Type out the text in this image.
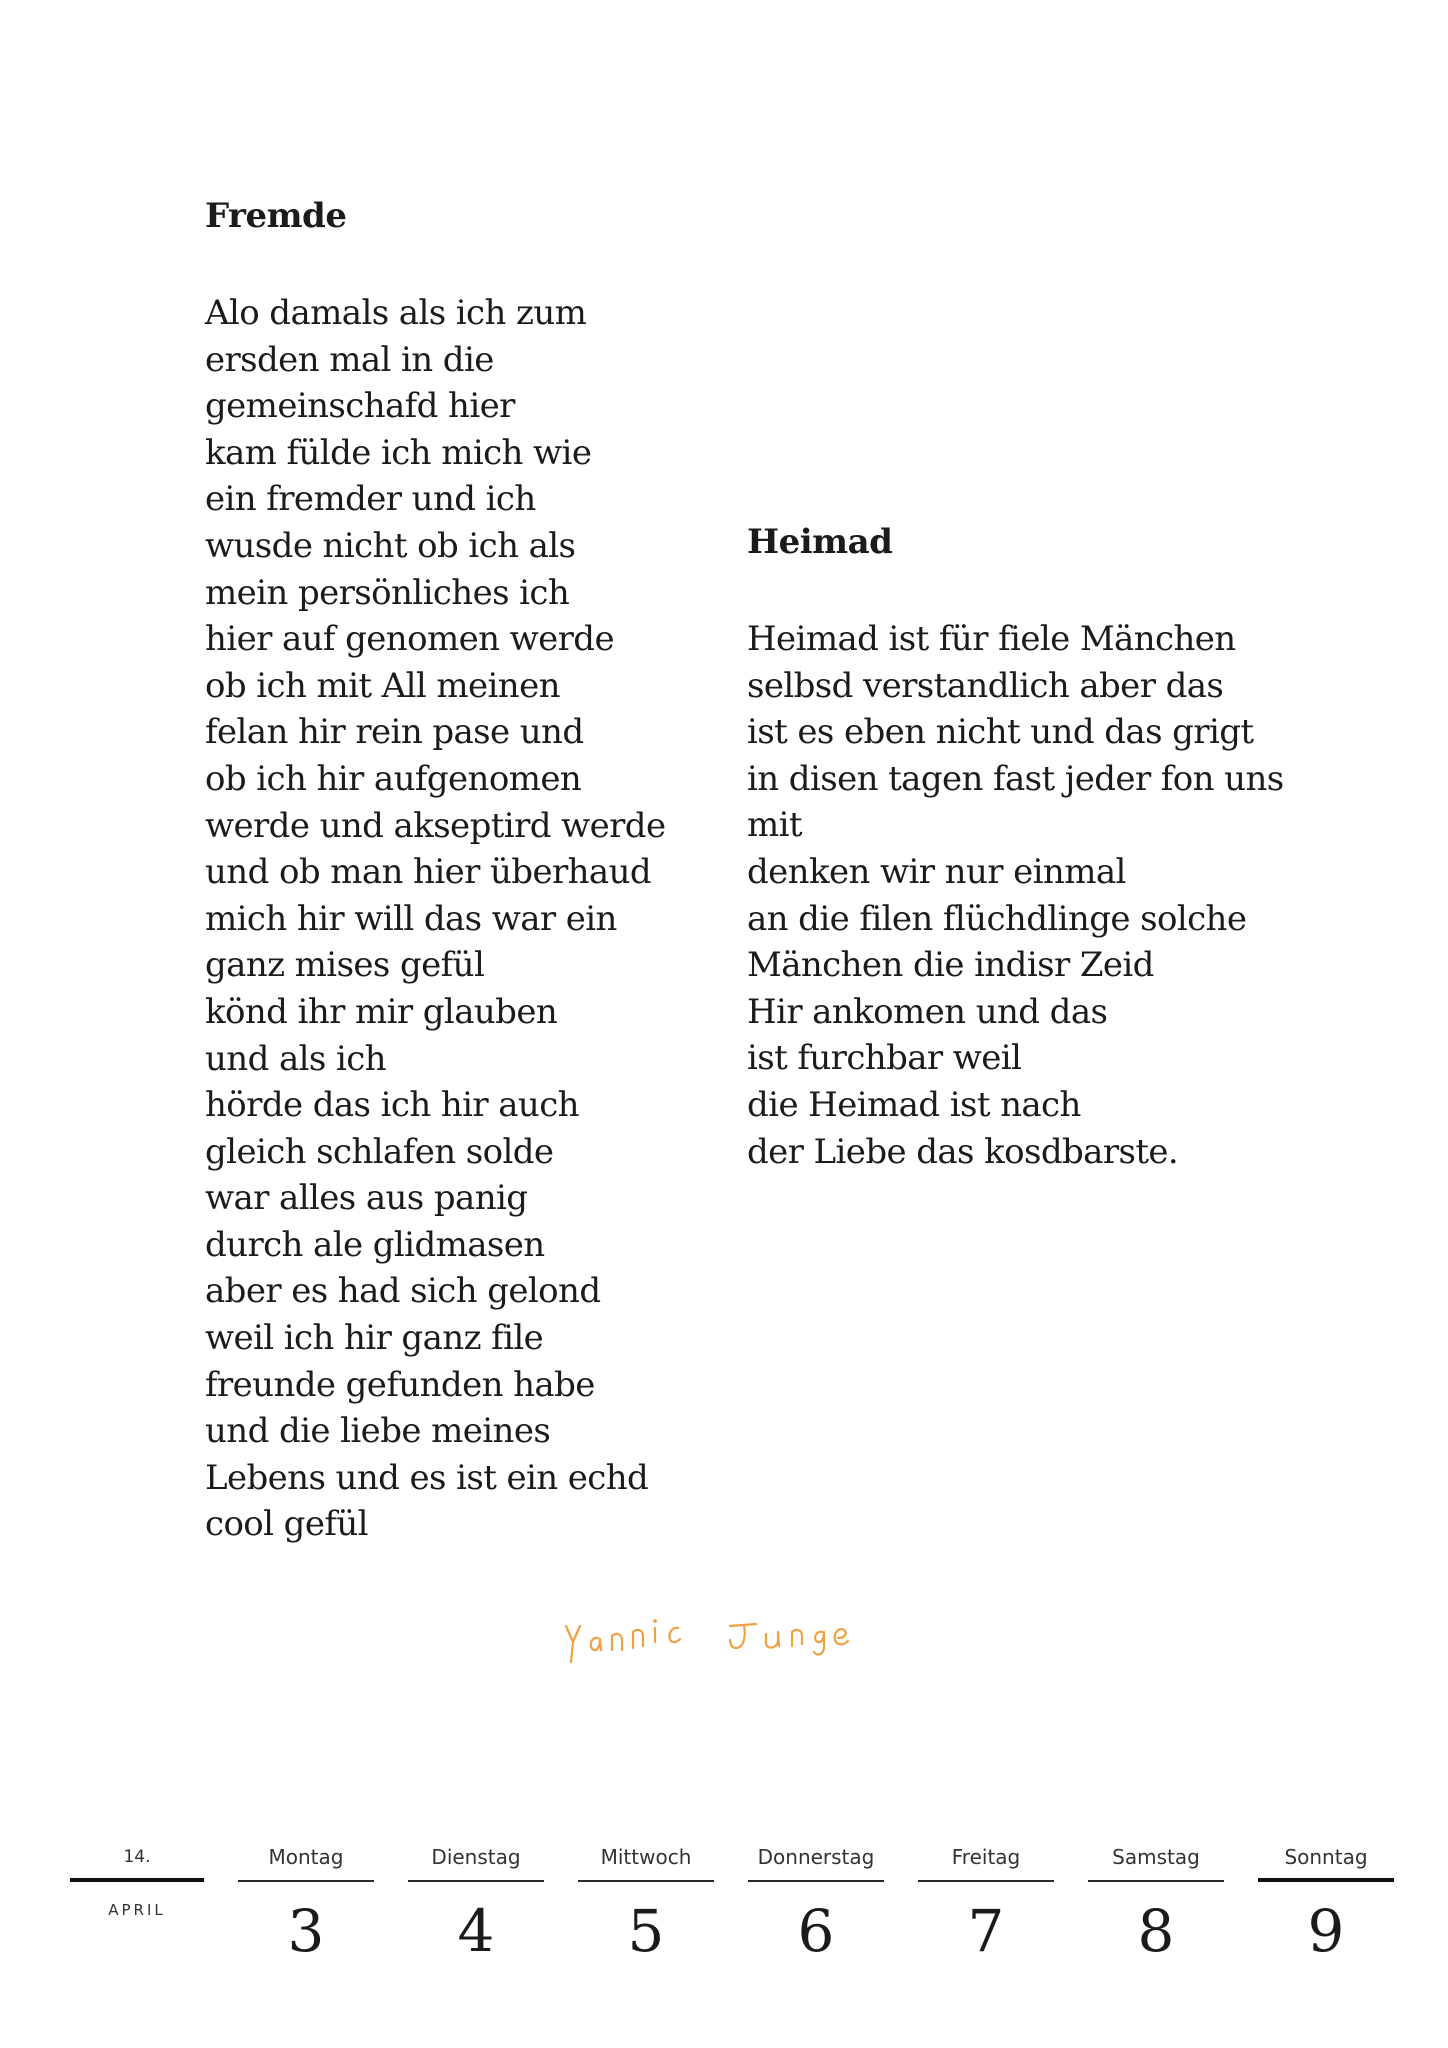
Fremde
Alo damals als ich zum
ersden mal in die
gemeinschafd hier
kam fülde ich mich wie
ein fremder und ich
wusde nicht ob ich als
mein persönliches ich
hier auf genomen werde
ob ich mit All meinen
felan hir rein pase und
ob ich hir aufgenomen
werde und akseptird werde
und ob man hier überhaud
mich hir will das war ein
ganz mises gefül
könd ihr mir glauben
und als ich
hörde das ich hir auch
gleich schlafen solde
war alles aus panig
durch ale glidmasen
aber es had sich gelond
weil ich hir ganz file
freunde gefunden habe
und die liebe meines
Lebens und es ist ein echd
cool gefül
Heimad
Heimad ist für fiele Mänchen
selbsd verstandlich aber das
ist es eben nicht und das grigt
in disen tagen fast jeder fon uns
mit
denken wir nur einmal
an die filen flüchdlinge solche
Mänchen die indisr Zeid
Hir ankomen und das
ist furchbar weil
die Heimad ist nach
der Liebe das kosdbarste.
14.
APRIL
Montag
3
Dienstag
4
Mittwoch
5
Donnerstag
6
Freitag
7
Samstag
8
Sonntag
9
